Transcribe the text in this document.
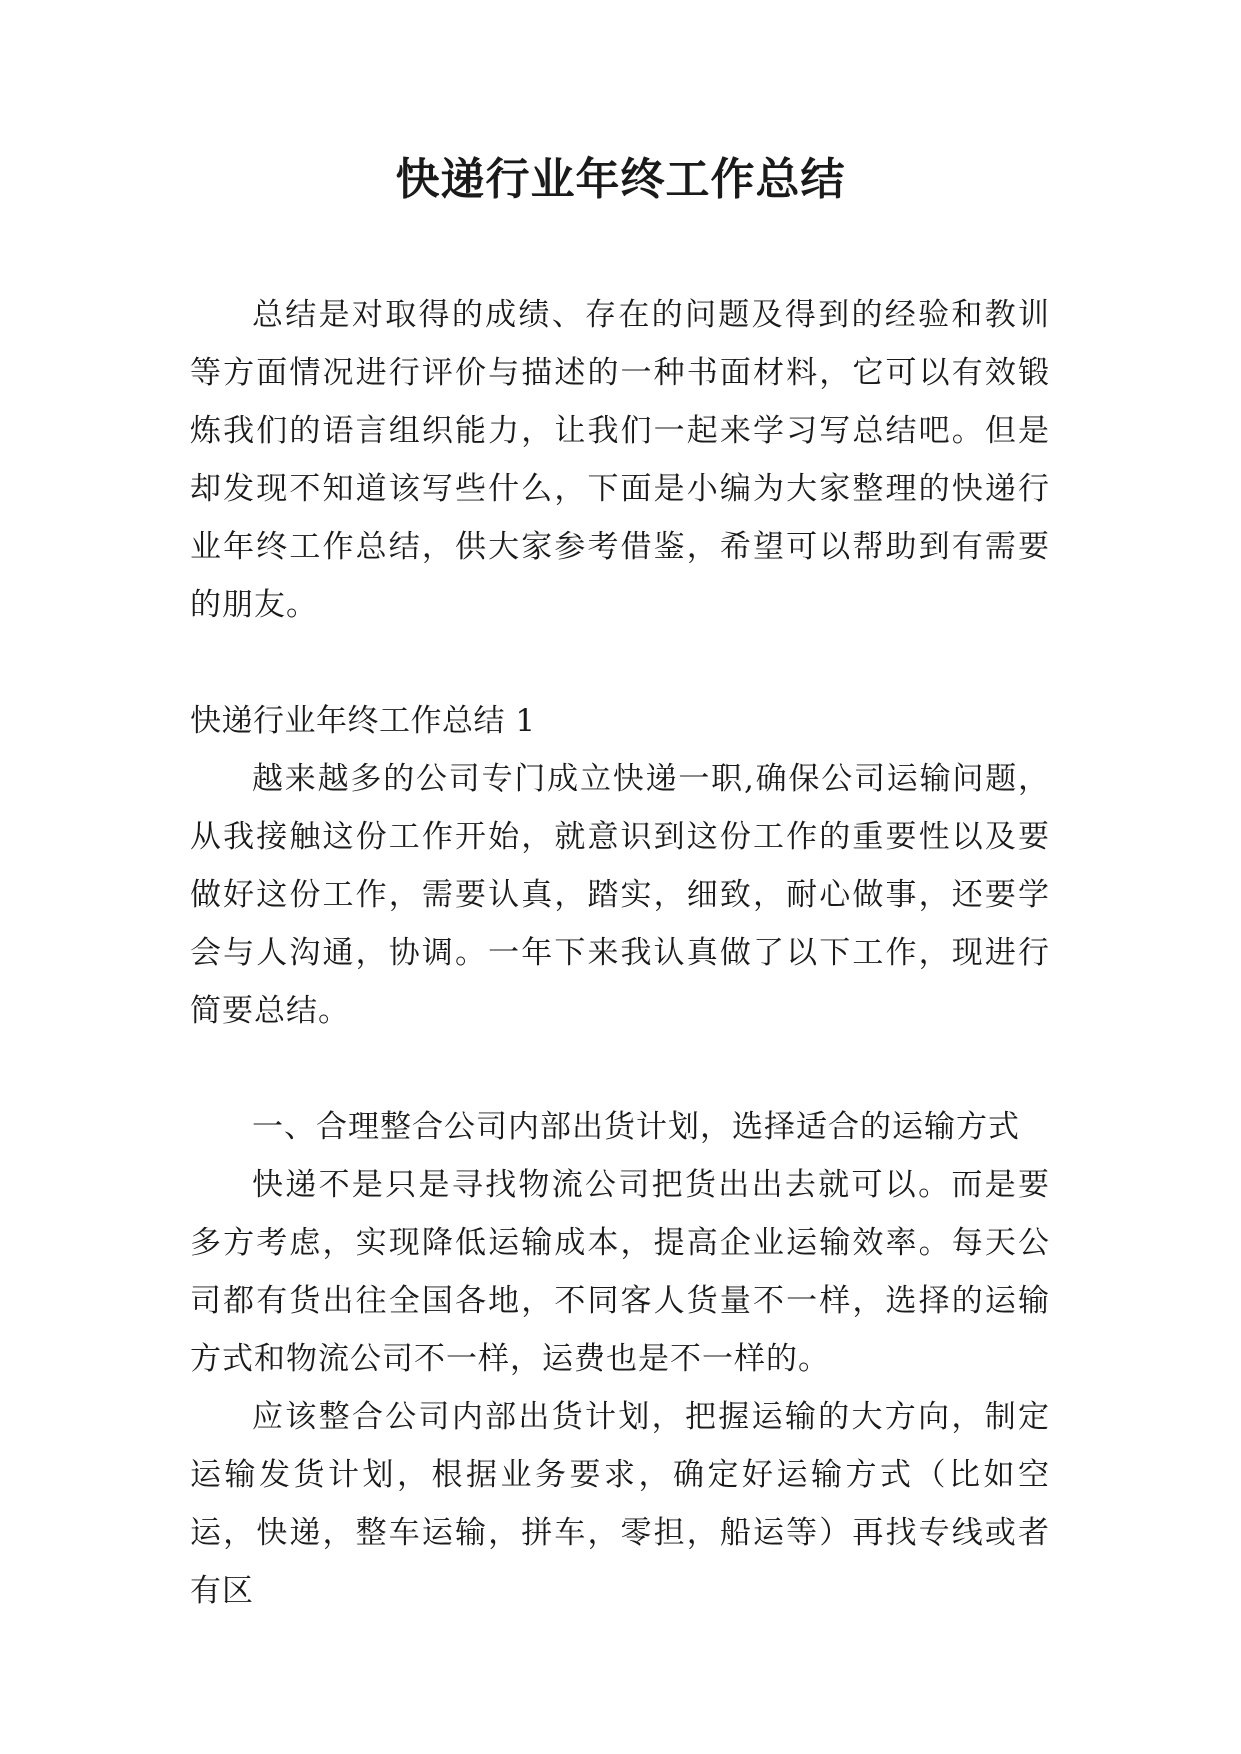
快递行业年终工作总结

总结是对取得的成绩、存在的问题及得到的经验和教训等方面情况进行评价与描述的一种书面材料，它可以有效锻炼我们的语言组织能力，让我们一起来学习写总结吧。但是却发现不知道该写些什么，下面是小编为大家整理的快递行业年终工作总结，供大家参考借鉴，希望可以帮助到有需要的朋友。

快递行业年终工作总结 1

越来越多的公司专门成立快递一职,确保公司运输问题，从我接触这份工作开始，就意识到这份工作的重要性以及要做好这份工作，需要认真，踏实，细致，耐心做事，还要学会与人沟通，协调。一年下来我认真做了以下工作，现进行简要总结。

一、合理整合公司内部出货计划，选择适合的运输方式

快递不是只是寻找物流公司把货出出去就可以。而是要多方考虑，实现降低运输成本，提高企业运输效率。每天公司都有货出往全国各地，不同客人货量不一样，选择的运输方式和物流公司不一样，运费也是不一样的。

应该整合公司内部出货计划，把握运输的大方向，制定运输发货计划，根据业务要求，确定好运输方式（比如空运，快递，整车运输，拼车，零担，船运等）再找专线或者有区
